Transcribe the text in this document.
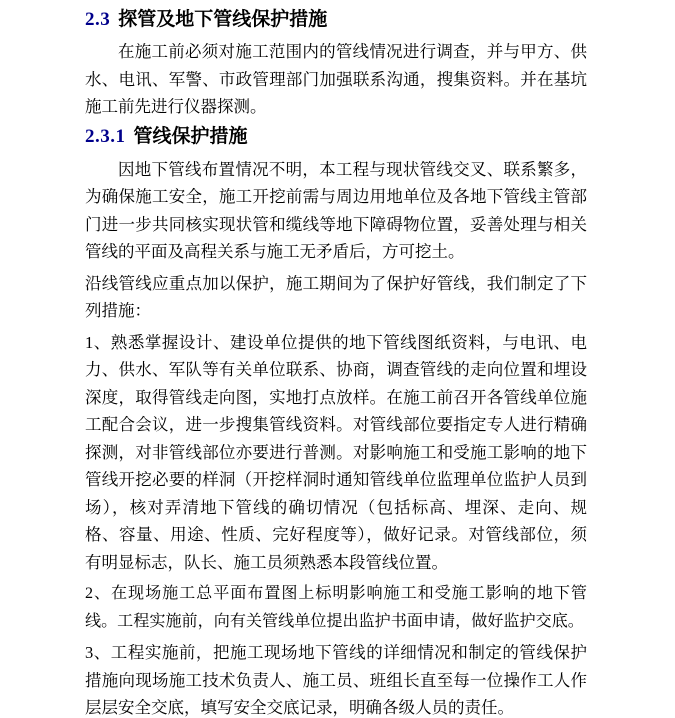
2.3 探管及地下管线保护措施

在施工前必须对施工范围内的管线情况进行调查，并与甲方、供水、电讯、军警、市政管理部门加强联系沟通，搜集资料。并在基坑施工前先进行仪器探测。

2.3.1 管线保护措施

因地下管线布置情况不明，本工程与现状管线交叉、联系繁多，为确保施工安全，施工开挖前需与周边用地单位及各地下管线主管部门进一步共同核实现状管和缆线等地下障碍物位置，妥善处理与相关管线的平面及高程关系与施工无矛盾后，方可挖土。

沿线管线应重点加以保护，施工期间为了保护好管线，我们制定了下列措施：

1、熟悉掌握设计、建设单位提供的地下管线图纸资料，与电讯、电力、供水、军队等有关单位联系、协商，调查管线的走向位置和埋设深度，取得管线走向图，实地打点放样。在施工前召开各管线单位施工配合会议，进一步搜集管线资料。对管线部位要指定专人进行精确探测，对非管线部位亦要进行普测。对影响施工和受施工影响的地下管线开挖必要的样洞（开挖样洞时通知管线单位监理单位监护人员到场），核对弄清地下管线的确切情况（包括标高、埋深、走向、规格、容量、用途、性质、完好程度等），做好记录。对管线部位，须有明显标志，队长、施工员须熟悉本段管线位置。

2、在现场施工总平面布置图上标明影响施工和受施工影响的地下管线。工程实施前，向有关管线单位提出监护书面申请，做好监护交底。

3、工程实施前，把施工现场地下管线的详细情况和制定的管线保护措施向现场施工技术负责人、施工员、班组长直至每一位操作工人作层层安全交底，填写安全交底记录，明确各级人员的责任。
